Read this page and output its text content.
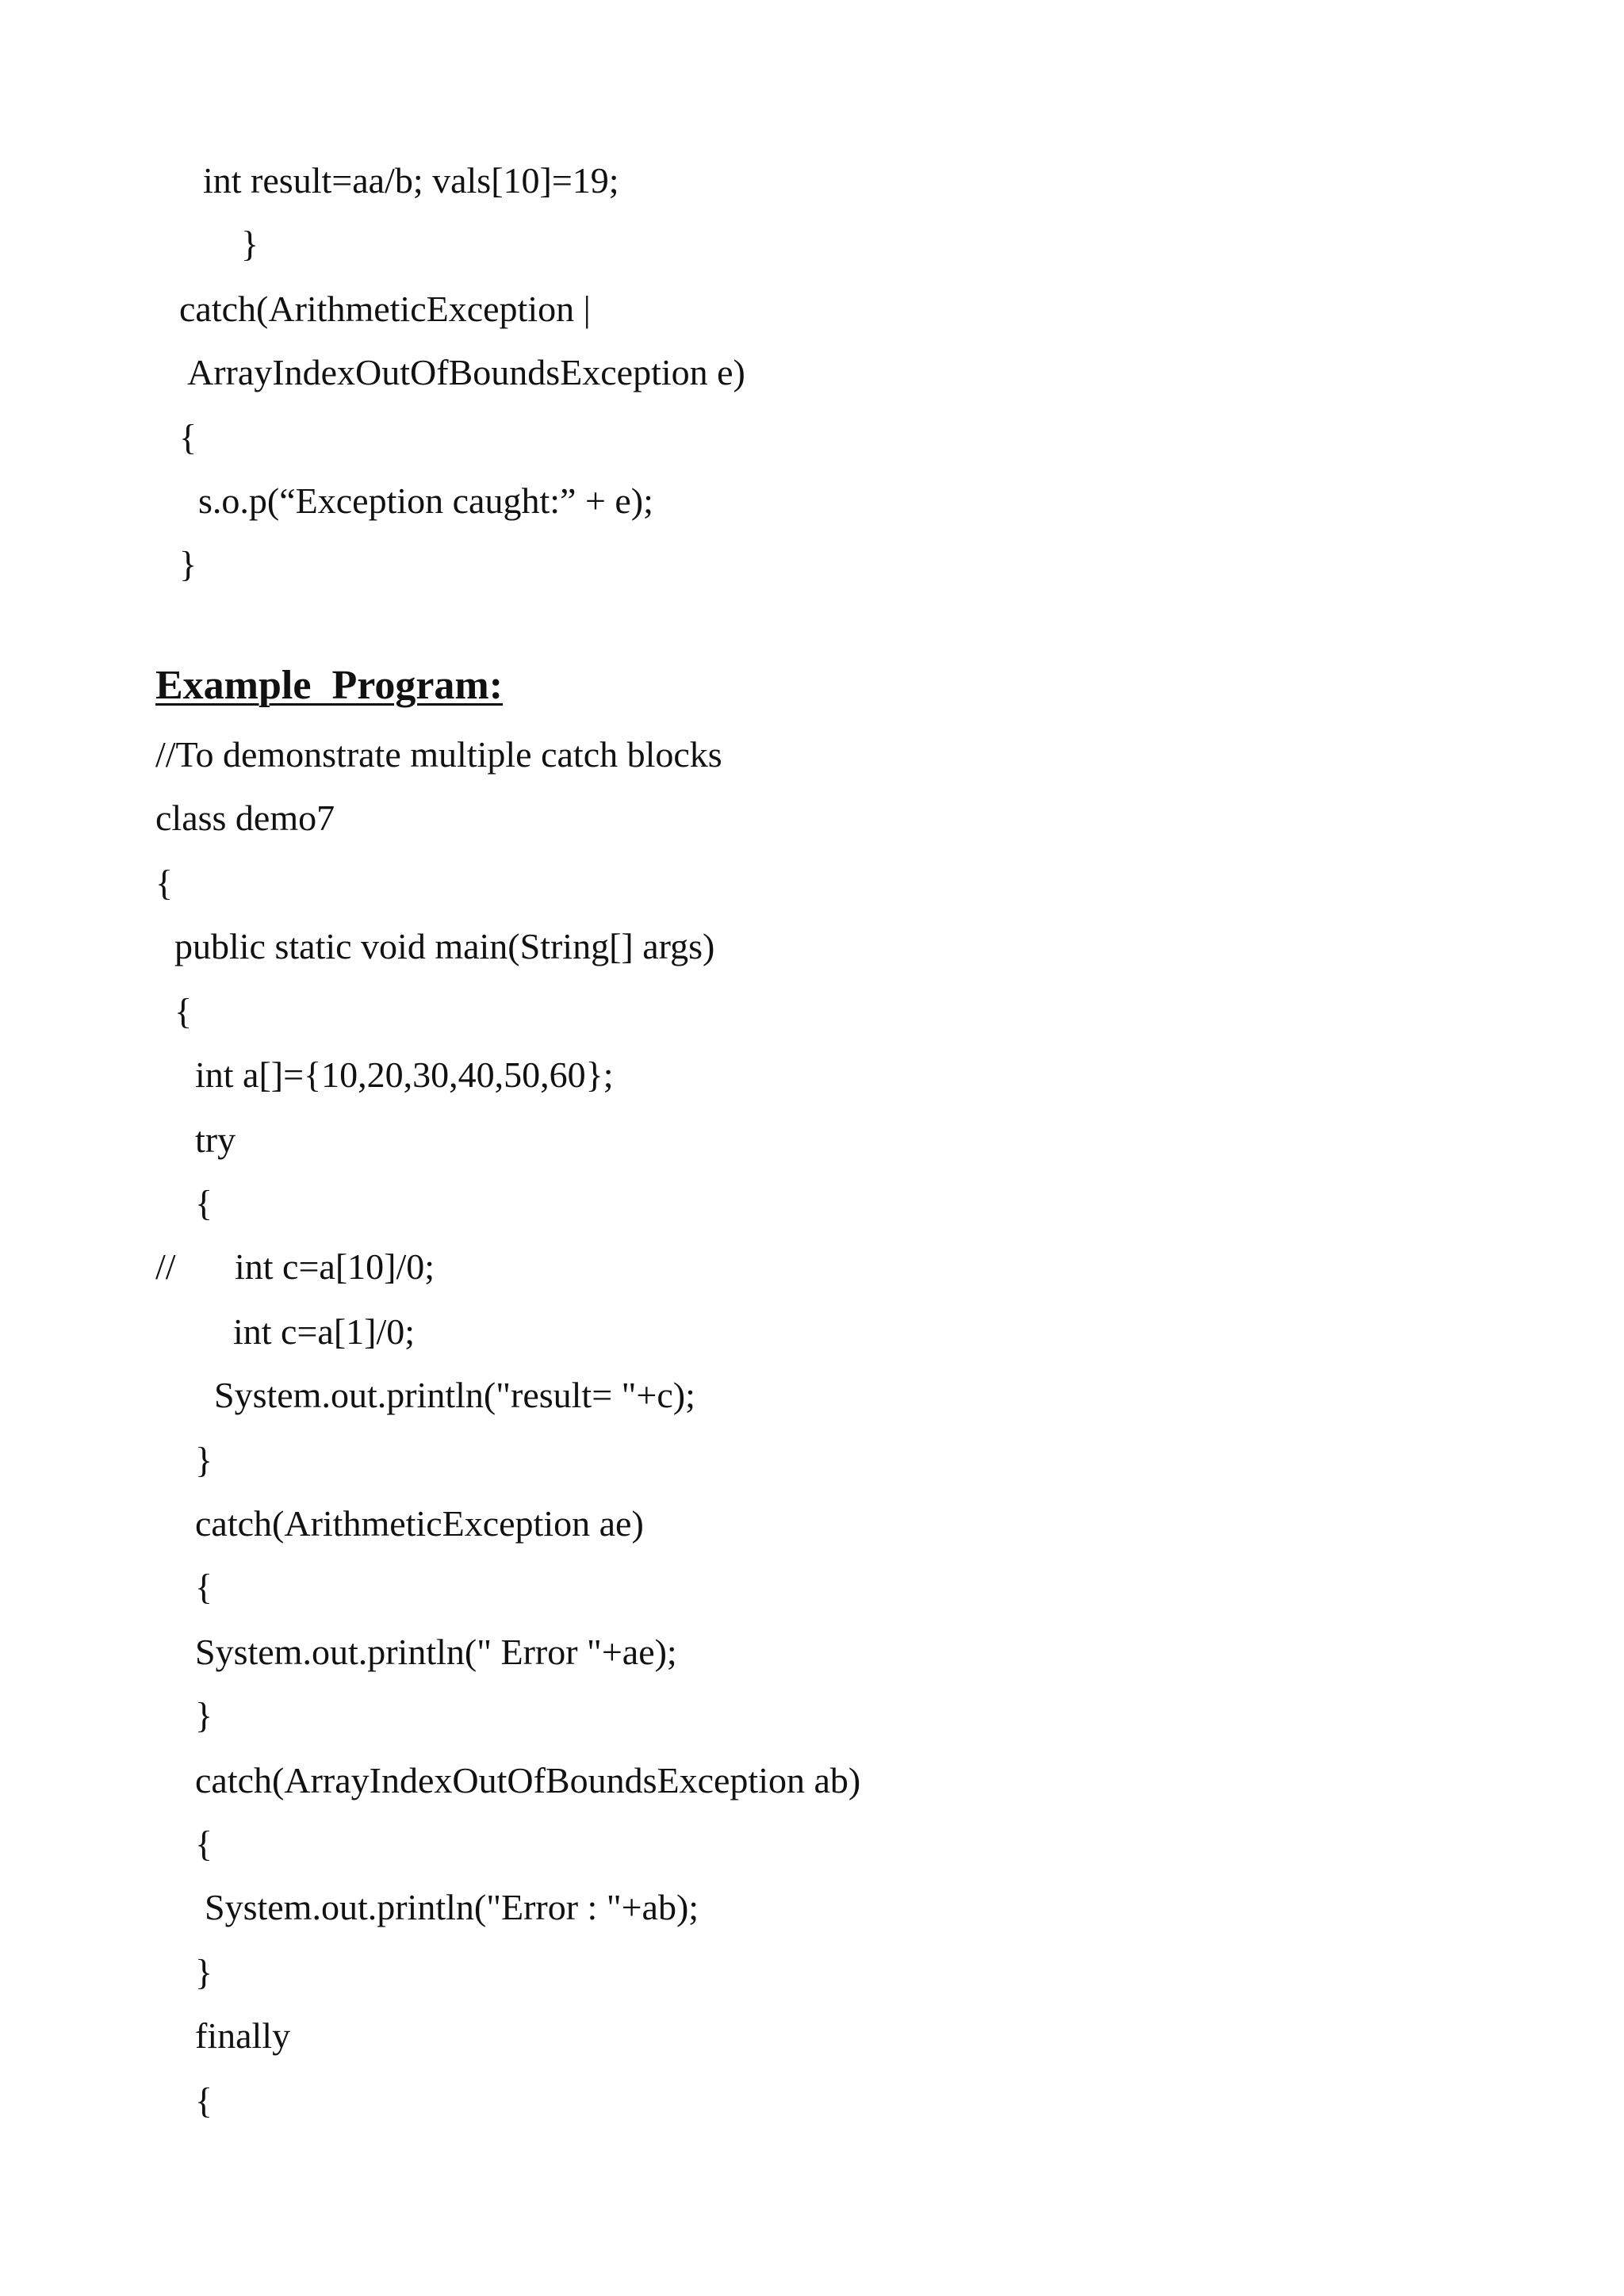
int result=aa/b; vals[10]=19;
}
catch(ArithmeticException |
ArrayIndexOutOfBoundsException e)
{
s.o.p(“Exception caught:” + e);
}
Example  Program:
//To demonstrate multiple catch blocks
class demo7
{
public static void main(String[] args)
{
int a[]={10,20,30,40,50,60};
try
{
// int c=a[10]/0;
int c=a[1]/0;
System.out.println("result= "+c);
}
catch(ArithmeticException ae)
{
System.out.println(" Error "+ae);
}
catch(ArrayIndexOutOfBoundsException ab)
{
System.out.println("Error : "+ab);
}
finally
{
